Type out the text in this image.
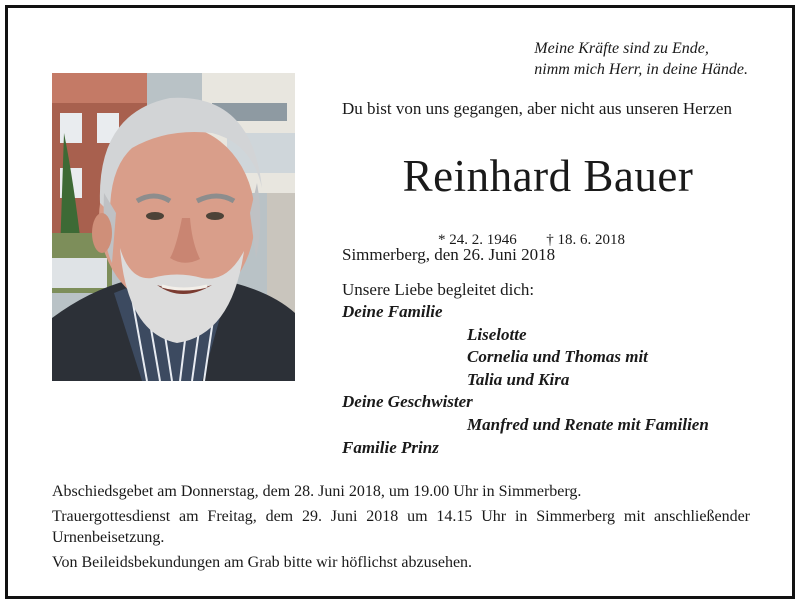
Meine Kräfte sind zu Ende,
nimm mich Herr, in deine Hände.
Du bist von uns gegangen, aber nicht aus unseren Herzen
Reinhard Bauer
* 24. 2. 1946 † 18. 6. 2018
Simmerberg, den 26. Juni 2018
Unsere Liebe begleitet dich:
Deine Familie
Liselotte
Cornelia und Thomas mit
Talia und Kira
Deine Geschwister
Manfred und Renate mit Familien
Familie Prinz

Abschiedsgebet am Donnerstag, dem 28. Juni 2018, um 19.00 Uhr in Simmerberg.

Trauergottesdienst am Freitag, dem 29. Juni 2018 um 14.15 Uhr in Simmerberg mit anschließender Urnenbeisetzung.

Von Beileidsbekundungen am Grab bitte wir höflichst abzusehen.
